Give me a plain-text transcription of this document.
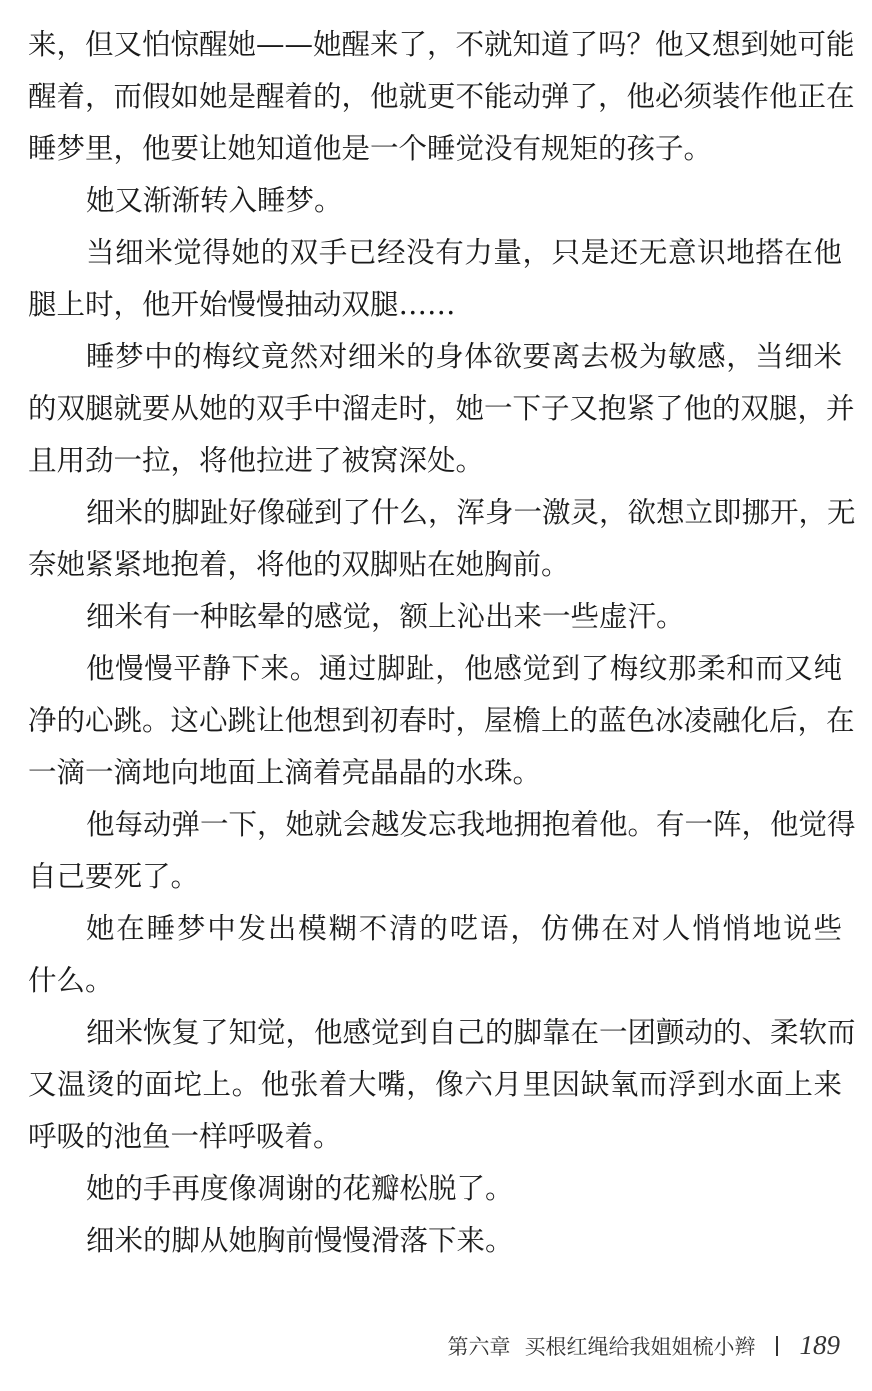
来，但又怕惊醒她——她醒来了，不就知道了吗？他又想到她可能
醒着，而假如她是醒着的，他就更不能动弹了，他必须装作他正在
睡梦里，他要让她知道他是一个睡觉没有规矩的孩子。
她又渐渐转入睡梦。
当细米觉得她的双手已经没有力量，只是还无意识地搭在他
腿上时，他开始慢慢抽动双腿……
睡梦中的梅纹竟然对细米的身体欲要离去极为敏感，当细米
的双腿就要从她的双手中溜走时，她一下子又抱紧了他的双腿，并
且用劲一拉，将他拉进了被窝深处。
细米的脚趾好像碰到了什么，浑身一激灵，欲想立即挪开，无
奈她紧紧地抱着，将他的双脚贴在她胸前。
细米有一种眩晕的感觉，额上沁出来一些虚汗。
他慢慢平静下来。通过脚趾，他感觉到了梅纹那柔和而又纯
净的心跳。这心跳让他想到初春时，屋檐上的蓝色冰凌融化后，在
一滴一滴地向地面上滴着亮晶晶的水珠。
他每动弹一下，她就会越发忘我地拥抱着他。有一阵，他觉得
自己要死了。
她在睡梦中发出模糊不清的呓语，仿佛在对人悄悄地说些
什么。
细米恢复了知觉，他感觉到自己的脚靠在一团颤动的、柔软而
又温烫的面坨上。他张着大嘴，像六月里因缺氧而浮到水面上来
呼吸的池鱼一样呼吸着。
她的手再度像凋谢的花瓣松脱了。
细米的脚从她胸前慢慢滑落下来。
第六章 买根红绳给我姐姐梳小辫 189
